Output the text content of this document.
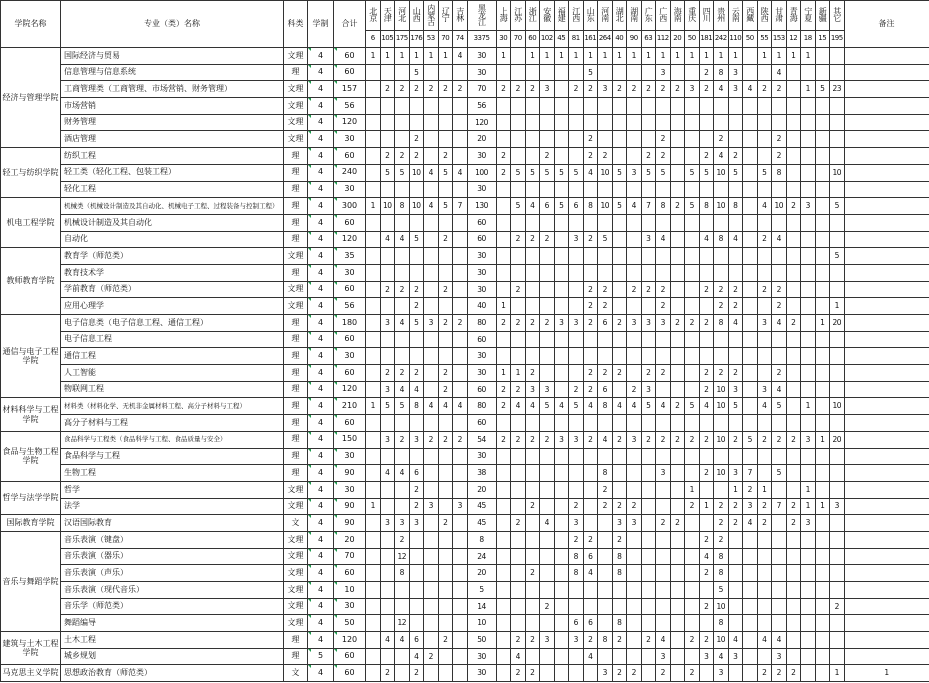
学院名称	专业（类）名称	科类	学制	合计	北京	天津	河北	山西	内蒙古	辽宁	吉林	黑龙江	上海	江苏	浙江	安徽	福建	江西	山东	河南	湖北	湖南	广东	广西	海南	重庆	四川	贵州	云南	西藏	陕西	甘肃	青海	宁夏	新疆	其它	备注	
					6	105	175	176	53	70	74	3375	30	70	60	102	45	81	161	264	40	90	63	112	20	50	181	242	110	50	55	153	12	18	15	195		
经济与管理学院	国际经济与贸易	文理	4	60	1	1	1	1	1	1	4	30	1		1	1	1	1	1	1	1	1	1	1	1	1	1	1	1		1	1	1	1				
	信息管理与信息系统	理	4	60				5				30							5					3			2	8	3			4						
	工商管理类（工商管理、市场营销、财务管理）	文理	4	157		2	2	2	2	2	2	70	2	2	2	3		2	2	3	2	2	2	2	2	3	2	4	3	4	2	2		1	5	23		
	市场营销	文理	4	56								56																										
	财务管理	文理	4	120								120																										
	酒店管理	文理	4	30				2				20							2					2				2				2						
轻工与纺织学院	纺织工程	理	4	60		2	2	2		2		30	2			2			2	2			2	2			2	4	2			2						
	轻工类（轻化工程、包装工程）	理	4	240		5	5	10	4	5	4	100	2	5	5	5	5	5	4	10	5	3	5	5		5	5	10	5		5	8				10		
	轻化工程	理	4	30								30																										
机电工程学院	机械类（机械设计制造及其自动化、机械电子工程、过程装备与控制工程）	理	4	300	1	10	8	10	4	5	7	130		5	4	6	5	6	8	10	5	4	7	8	2	5	8	10	8		4	10	2	3		5		
	机械设计制造及其自动化	理	4	60								60																										
	自动化	理	4	120		4	4	5		2		60		2	2	2		3	2	5			3	4			4	8	4		2	4						
教师教育学院	教育学（师范类）	文理	4	35								30																								5		
	教育技术学	理	4	30								30																										
	学前教育（师范类）	文理	4	60		2	2	2		2		30		2					2	2		2	2	2			2	2	2		2	2						
	应用心理学	文理	4	56				2				40	1						2	2				2				2	2			2				1		
通信与电子工程学院	电子信息类（电子信息工程、通信工程）	理	4	180		3	4	5	3	2	2	80	2	2	2	2	3	3	2	6	2	3	3	3	2	2	2	8	4		3	4	2		1	20		
	电子信息工程	理	4	60								60																										
	通信工程	理	4	30								30																										
	人工智能	理	4	60		2	2	2		2		30	1	1	2				2	2	2		2	2			2	2	2			2						
	物联网工程	理	4	120		3	4	4		2		60	2	2	3	3		2	2	6		2	3				2	10	3		3	4						
材料科学与工程学院	材料类（材料化学、无机非金属材料工程、高分子材料与工程）	理	4	210	1	5	5	8	4	4	4	80	2	4	4	5	4	5	4	8	4	4	5	4	2	5	4	10	5		4	5		1		10		
	高分子材料与工程	理	4	60								60																										
食品与生物工程学院	食品科学与工程类（食品科学与工程、食品质量与安全）	理	4	150		3	2	3	2	2	2	54	2	2	2	2	3	3	2	4	2	3	2	2	2	2	2	10	2	5	2	2	2	3	1	20		
	食品科学与工程	理	4	30								30																										
	生物工程	理	4	90		4	4	6				38								8				3			2	10	3	7		5						
哲学与法学学院	哲学	文理	4	30				2				20								2						1			1	2	1			1				
	法学	文理	4	90	1			2	3		3	45			2			2		2	2	2				2	1	2	2	3	2	7	2	1	1	3		
国际教育学院	汉语国际教育	文	4	90		3	3	3		2		45		2		4		3			3	3		2	2			2	2	4	2		2	3				
音乐与舞蹈学院	音乐表演（键盘）	文理	4	20			2					8						2	2		2						2	2										
	音乐表演（器乐）	文理	4	70			12					24						8	6		8						4	8										
	音乐表演（声乐）	文理	4	60			8					20			2			8	4		8						2	8										
	音乐表演（现代音乐）	文理	4	10								5																5										
	音乐学（师范类）	文理	4	30								14				2											2	10								2		
	舞蹈编导	文理	4	50			12					10						6	6		8							8										
建筑与土木工程学院	土木工程	理	4	120		4	4	6		2		50		2	2	3		3	2	8	2		2	4		2	2	10	4		4	4						
	城乡规划	理	5	60				4	2			30		4					4					3			3	4	3			3						
马克思主义学院	思想政治教育（师范类）	文	4	60		2		2				30		2	2					3	2	2		2		2		3			2	2	2			1	1	
